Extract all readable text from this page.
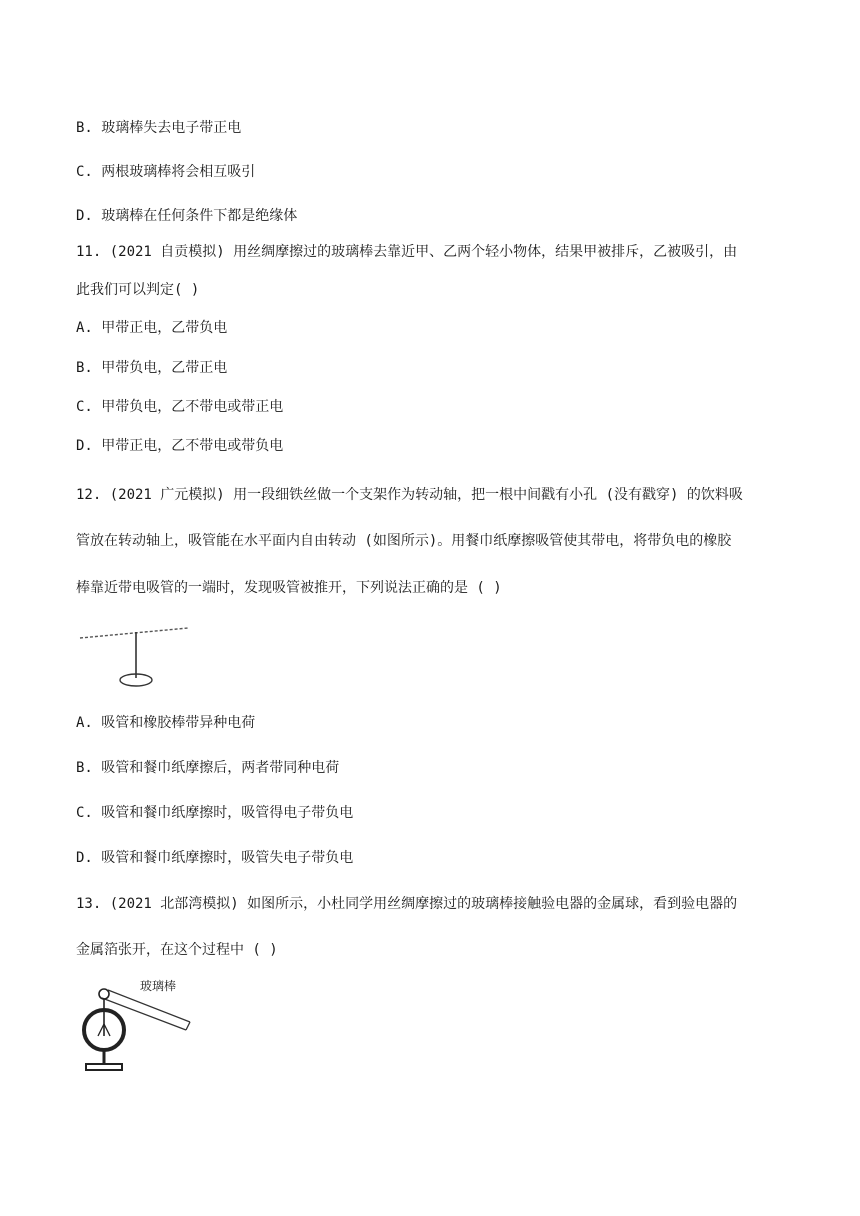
B. 玻璃棒失去电子带正电
C. 两根玻璃棒将会相互吸引
D. 玻璃棒在任何条件下都是绝缘体
11. (2021 自贡模拟) 用丝绸摩擦过的玻璃棒去靠近甲、乙两个轻小物体，结果甲被排斥，乙被吸引，由
此我们可以判定( )
A. 甲带正电，乙带负电
B. 甲带负电，乙带正电
C. 甲带负电，乙不带电或带正电
D. 甲带正电，乙不带电或带负电
12. (2021 广元模拟) 用一段细铁丝做一个支架作为转动轴，把一根中间戳有小孔 (没有戳穿) 的饮料吸
管放在转动轴上，吸管能在水平面内自由转动 (如图所示)。用餐巾纸摩擦吸管使其带电，将带负电的橡胶
棒靠近带电吸管的一端时，发现吸管被推开，下列说法正确的是 ( )
A. 吸管和橡胶棒带异种电荷
B. 吸管和餐巾纸摩擦后，两者带同种电荷
C. 吸管和餐巾纸摩擦时，吸管得电子带负电
D. 吸管和餐巾纸摩擦时，吸管失电子带负电
13. (2021 北部湾模拟) 如图所示，小杜同学用丝绸摩擦过的玻璃棒接触验电器的金属球，看到验电器的
金属箔张开，在这个过程中 ( )
玻璃棒
